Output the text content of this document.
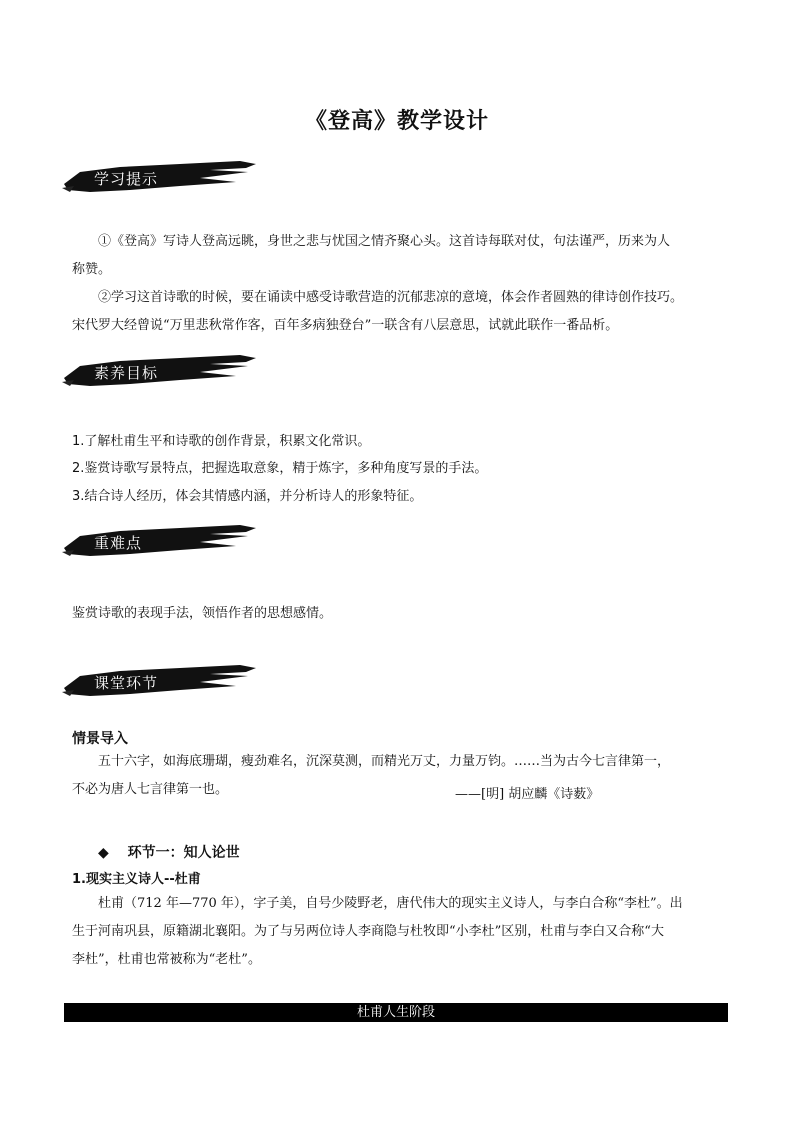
《登高》教学设计
学习提示
①《登高》写诗人登高远眺，身世之悲与忧国之情齐聚心头。这首诗每联对仗，句法谨严，历来为人
称赞。
②学习这首诗歌的时候，要在诵读中感受诗歌营造的沉郁悲凉的意境，体会作者圆熟的律诗创作技巧。
宋代罗大经曾说“万里悲秋常作客，百年多病独登台”一联含有八层意思，试就此联作一番品析。
素养目标
1.了解杜甫生平和诗歌的创作背景，积累文化常识。
2.鉴赏诗歌写景特点，把握选取意象，精于炼字，多种角度写景的手法。
3.结合诗人经历，体会其情感内涵，并分析诗人的形象特征。
重难点
鉴赏诗歌的表现手法，领悟作者的思想感情。
课堂环节
情景导入
五十六字，如海底珊瑚，瘦劲难名，沉深莫测，而精光万丈，力量万钧。……当为古今七言律第一，
不必为唐人七言律第一也。	——[明] 胡应麟《诗薮》
◆ 环节一：知人论世
1.现实主义诗人--杜甫
杜甫（712 年—770 年），字子美，自号少陵野老，唐代伟大的现实主义诗人，与李白合称“李杜”。出
生于河南巩县，原籍湖北襄阳。为了与另两位诗人李商隐与杜牧即“小李杜”区别，杜甫与李白又合称“大
李杜”，杜甫也常被称为“老杜”。
杜甫人生阶段
